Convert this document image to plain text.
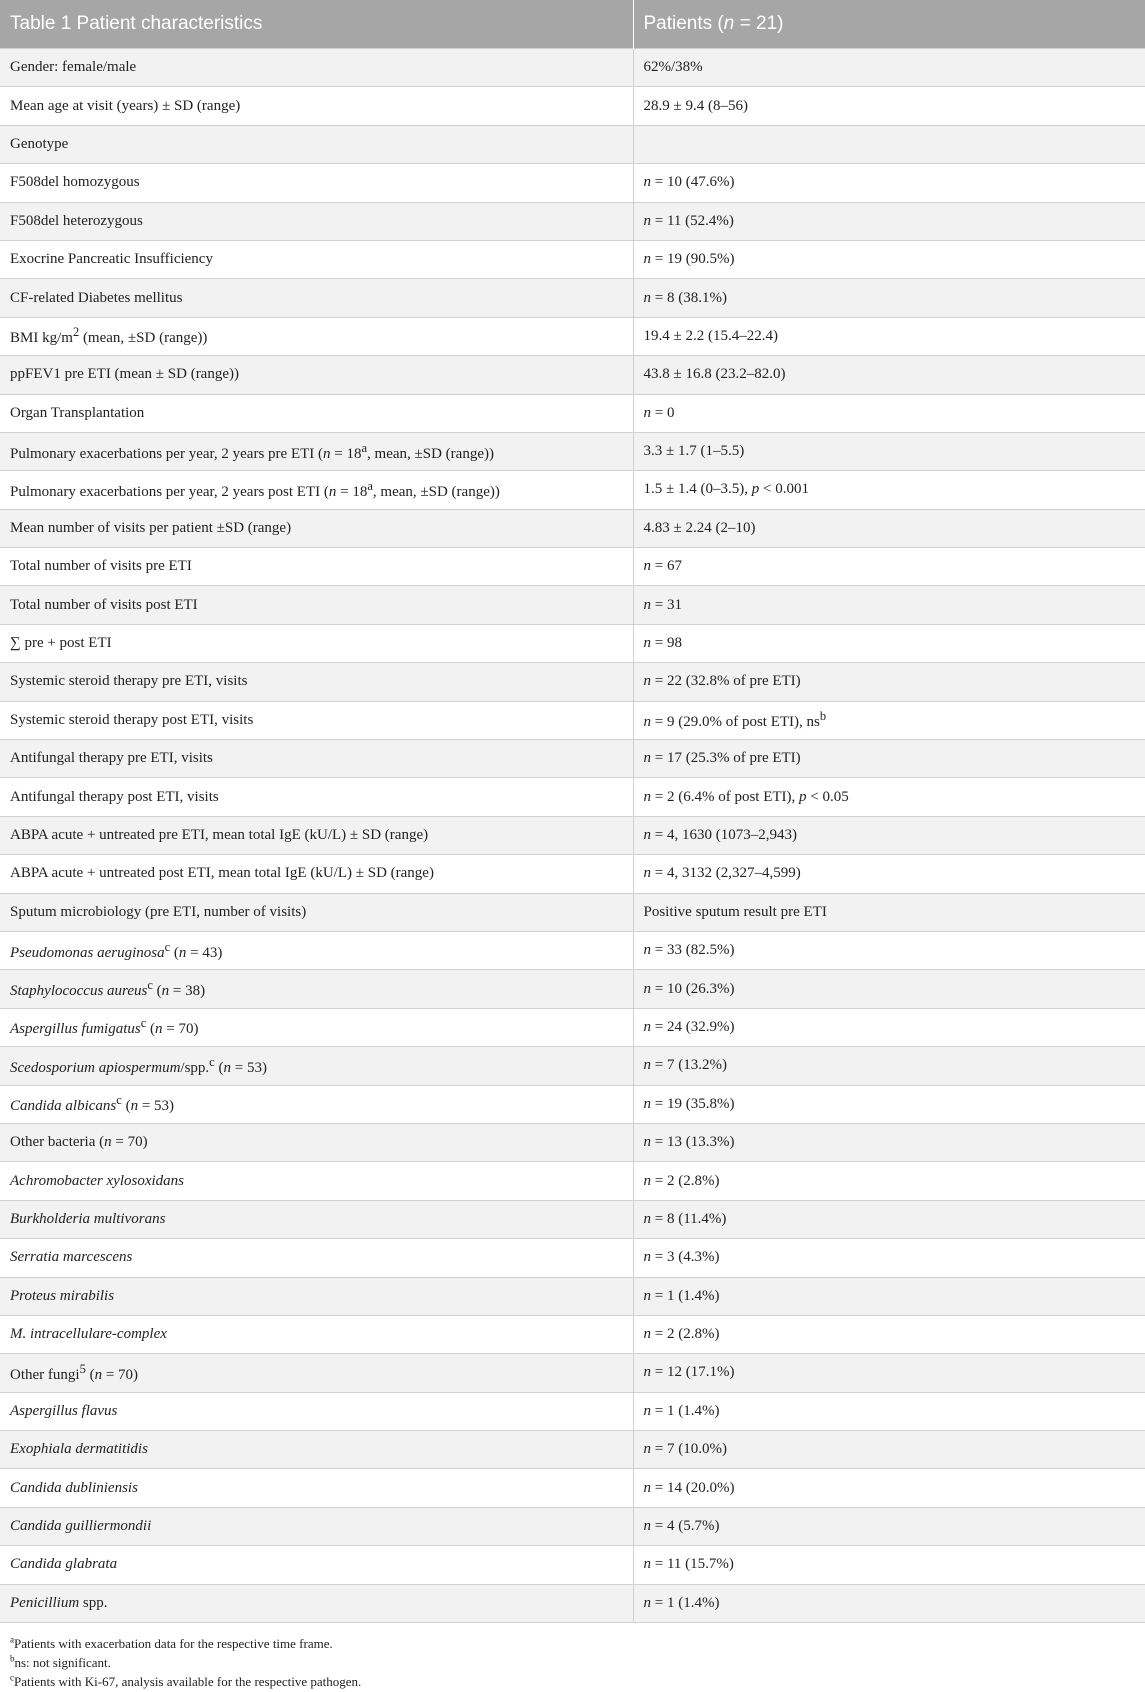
Table 1 Patient characteristics	Patients (n = 21)
Gender: female/male	62%/38%
Mean age at visit (years) ± SD (range)	28.9 ± 9.4 (8–56)
Genotype	
F508del homozygous	n = 10 (47.6%)
F508del heterozygous	n = 11 (52.4%)
Exocrine Pancreatic Insufficiency	n = 19 (90.5%)
CF-related Diabetes mellitus	n = 8 (38.1%)
BMI $kg/m^2$ (mean, ±SD (range))	19.4 ± 2.2 (15.4–22.4)
ppFEV1 pre ETI (mean ± SD (range))	43.8 ± 16.8 (23.2–82.0)
Organ Transplantation	n = 0
Pulmonary exacerbations per year, 2 years pre ETI ($n = 18^a$, mean, ±SD (range))	3.3 ± 1.7 (1–5.5)
Pulmonary exacerbations per year, 2 years post ETI ($n = 18^a$, mean, ±SD (range))	1.5 ± 1.4 (0–3.5), p < 0.001
Mean number of visits per patient ±SD (range)	4.83 ± 2.24 (2–10)
Total number of visits pre ETI	n = 67
Total number of visits post ETI	n = 31
∑ pre + post ETI	n = 98
Systemic steroid therapy pre ETI, visits	n = 22 (32.8% of pre ETI)
Systemic steroid therapy post ETI, visits	n = 9 (29.0% of post ETI), $ns^b$
Antifungal therapy pre ETI, visits	n = 17 (25.3% of pre ETI)
Antifungal therapy post ETI, visits	n = 2 (6.4% of post ETI), p < 0.05
ABPA acute + untreated pre ETI, mean total IgE (kU/L) ± SD (range)	n = 4, 1630 (1073–2,943)
ABPA acute + untreated post ETI, mean total IgE (kU/L) ± SD (range)	n = 4, 3132 (2,327–4,599)
Sputum microbiology (pre ETI, number of visits)	Positive sputum result pre ETI
Pseudomonas aeruginosa$^c$ (n = 43)	n = 33 (82.5%)
Staphylococcus aureus$^c$ (n = 38)	n = 10 (26.3%)
Aspergillus fumigatus$^c$ (n = 70)	n = 24 (32.9%)
Scedosporium apiospermum/spp.$^c$ (n = 53)	n = 7 (13.2%)
Candida albicans$^c$ (n = 53)	n = 19 (35.8%)
Other bacteria (n = 70)	n = 13 (13.3%)
Achromobacter xylosoxidans	n = 2 (2.8%)
Burkholderia multivorans	n = 8 (11.4%)
Serratia marcescens	n = 3 (4.3%)
Proteus mirabilis	n = 1 (1.4%)
M. intracellulare-complex	n = 2 (2.8%)
Other fungi$^5$ (n = 70)	n = 12 (17.1%)
Aspergillus flavus	n = 1 (1.4%)
Exophiala dermatitidis	n = 7 (10.0%)
Candida dubliniensis	n = 14 (20.0%)
Candida guilliermondii	n = 4 (5.7%)
Candida glabrata	n = 11 (15.7%)
Penicillium spp.	n = 1 (1.4%)
$^a$Patients with exacerbation data for the respective time frame.
$^b$ns: not significant.
$^c$Patients with Ki-67, analysis available for the respective pathogen.
